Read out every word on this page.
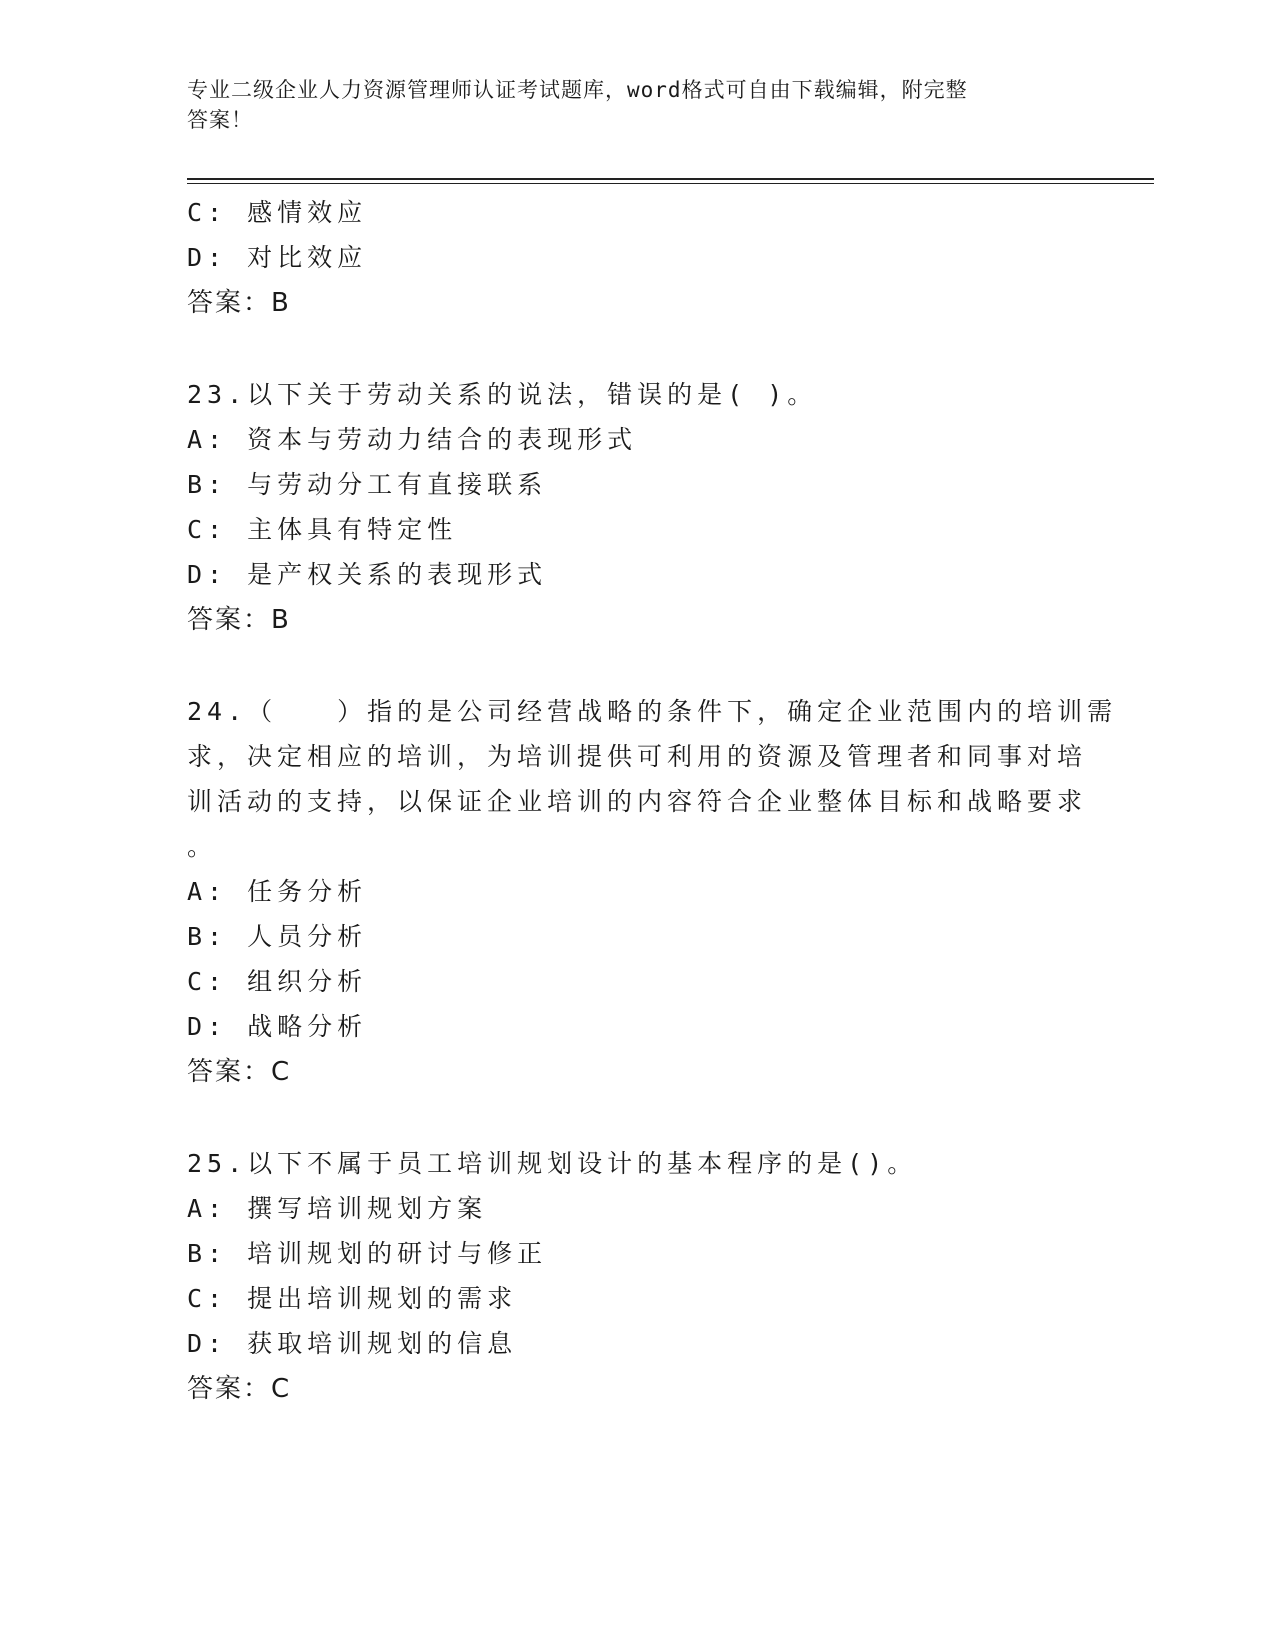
专业二级企业人力资源管理师认证考试题库，word格式可自由下载编辑，附完整
答案！
C: 感情效应
D: 对比效应
答案：B
23.以下关于劳动关系的说法，错误的是( )。
A: 资本与劳动力结合的表现形式
B: 与劳动分工有直接联系
C: 主体具有特定性
D: 是产权关系的表现形式
答案：B
24.（　　）指的是公司经营战略的条件下，确定企业范围内的培训需
求，决定相应的培训，为培训提供可利用的资源及管理者和同事对培
训活动的支持，以保证企业培训的内容符合企业整体目标和战略要求
。
A: 任务分析
B: 人员分析
C: 组织分析
D: 战略分析
答案：C
25.以下不属于员工培训规划设计的基本程序的是()。
A: 撰写培训规划方案
B: 培训规划的研讨与修正
C: 提出培训规划的需求
D: 获取培训规划的信息
答案：C
